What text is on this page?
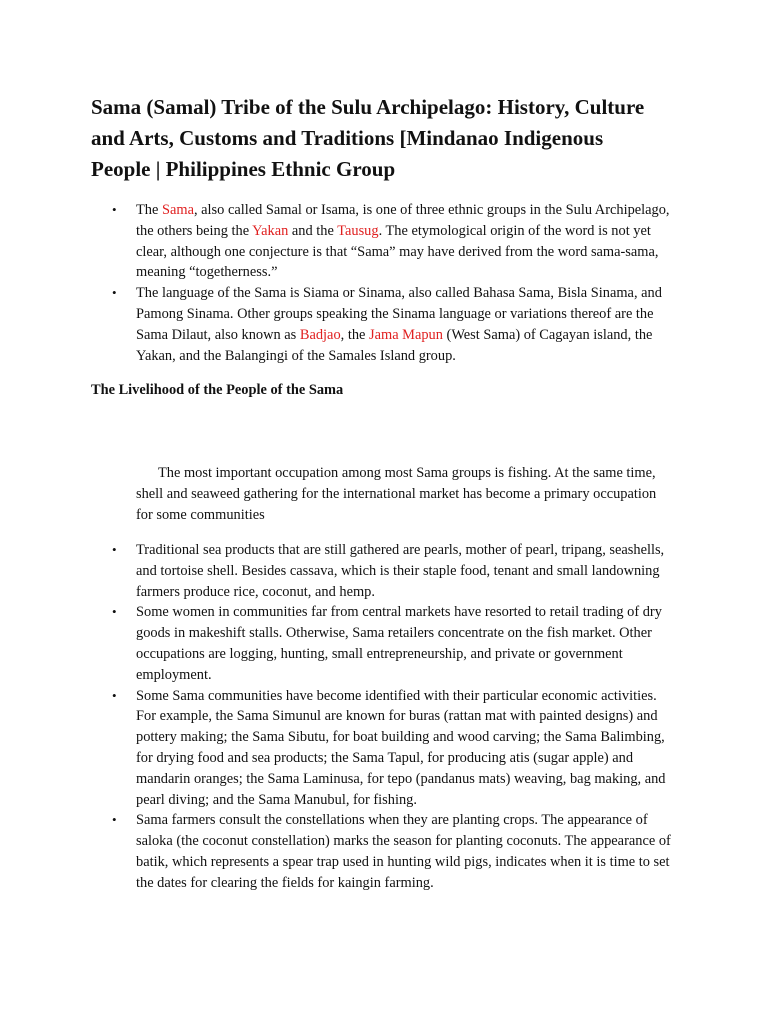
Sama (Samal) Tribe of the Sulu Archipelago: History, Culture and Arts, Customs and Traditions [Mindanao Indigenous People | Philippines Ethnic Group
• The Sama, also called Samal or Isama, is one of three ethnic groups in the Sulu Archipelago, the others being the Yakan and the Tausug. The etymological origin of the word is not yet clear, although one conjecture is that “Sama” may have derived from the word sama-sama, meaning “togetherness.”
• The language of the Sama is Siama or Sinama, also called Bahasa Sama, Bisla Sinama, and Pamong Sinama. Other groups speaking the Sinama language or variations thereof are the Sama Dilaut, also known as Badjao, the Jama Mapun (West Sama) of Cagayan island, the Yakan, and the Balangingi of the Samales Island group.
The Livelihood of the People of the Sama

The most important occupation among most Sama groups is fishing. At the same time, shell and seaweed gathering for the international market has become a primary occupation for some communities

• Traditional sea products that are still gathered are pearls, mother of pearl, tripang, seashells, and tortoise shell. Besides cassava, which is their staple food, tenant and small landowning farmers produce rice, coconut, and hemp.
• Some women in communities far from central markets have resorted to retail trading of dry goods in makeshift stalls. Otherwise, Sama retailers concentrate on the fish market. Other occupations are logging, hunting, small entrepreneurship, and private or government employment.
• Some Sama communities have become identified with their particular economic activities. For example, the Sama Simunul are known for buras (rattan mat with painted designs) and pottery making; the Sama Sibutu, for boat building and wood carving; the Sama Balimbing, for drying food and sea products; the Sama Tapul, for producing atis (sugar apple) and mandarin oranges; the Sama Laminusa, for tepo (pandanus mats) weaving, bag making, and pearl diving; and the Sama Manubul, for fishing.
• Sama farmers consult the constellations when they are planting crops. The appearance of saloka (the coconut constellation) marks the season for planting coconuts. The appearance of batik, which represents a spear trap used in hunting wild pigs, indicates when it is time to set the dates for clearing the fields for kaingin farming.
